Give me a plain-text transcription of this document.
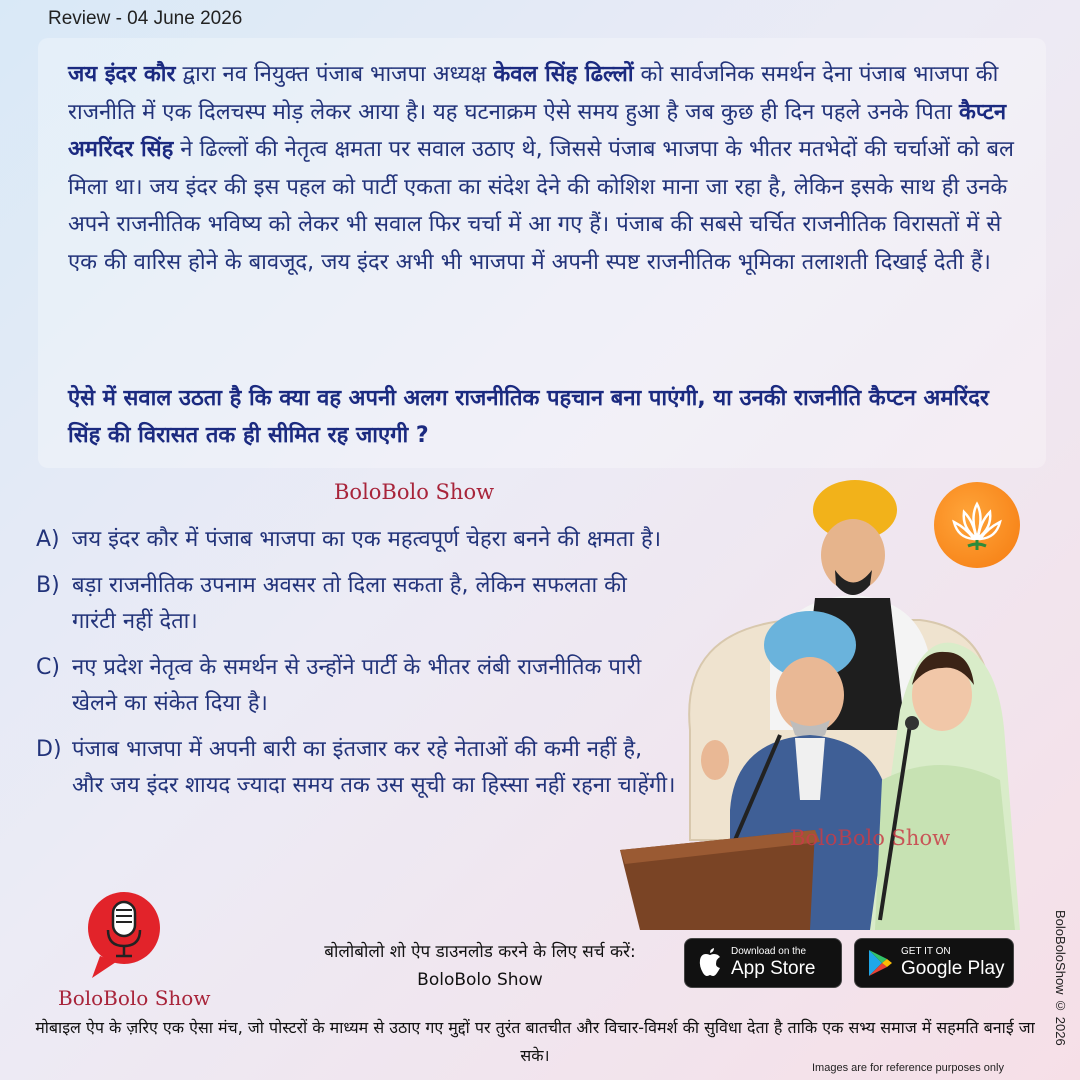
Review - 04 June 2026

जय इंदर कौर द्वारा नव नियुक्त पंजाब भाजपा अध्यक्ष केवल सिंह ढिल्लों को सार्वजनिक समर्थन देना पंजाब भाजपा की राजनीति में एक दिलचस्प मोड़ लेकर आया है। यह घटनाक्रम ऐसे समय हुआ है जब कुछ ही दिन पहले उनके पिता कैप्टन अमरिंदर सिंह ने ढिल्लों की नेतृत्व क्षमता पर सवाल उठाए थे, जिससे पंजाब भाजपा के भीतर मतभेदों की चर्चाओं को बल मिला था। जय इंदर की इस पहल को पार्टी एकता का संदेश देने की कोशिश माना जा रहा है, लेकिन इसके साथ ही उनके अपने राजनीतिक भविष्य को लेकर भी सवाल फिर चर्चा में आ गए हैं। पंजाब की सबसे चर्चित राजनीतिक विरासतों में से एक की वारिस होने के बावजूद, जय इंदर अभी भी भाजपा में अपनी स्पष्ट राजनीतिक भूमिका तलाशती दिखाई देती हैं।

ऐसे में सवाल उठता है कि क्या वह अपनी अलग राजनीतिक पहचान बना पाएंगी, या उनकी राजनीति कैप्टन अमरिंदर सिंह की विरासत तक ही सीमित रह जाएगी ?

BoloBolo Show
A) जय इंदर कौर में पंजाब भाजपा का एक महत्वपूर्ण चेहरा बनने की क्षमता है।
B) बड़ा राजनीतिक उपनाम अवसर तो दिला सकता है, लेकिन सफलता की गारंटी नहीं देता।
C) नए प्रदेश नेतृत्व के समर्थन से उन्होंने पार्टी के भीतर लंबी राजनीतिक पारी खेलने का संकेत दिया है।
D) पंजाब भाजपा में अपनी बारी का इंतजार कर रहे नेताओं की कमी नहीं है, और जय इंदर शायद ज्यादा समय तक उस सूची का हिस्सा नहीं रहना चाहेंगी।
BoloBolo Show
BoloBoloShow © 2026
BoloBolo Show
बोलोबोलो शो ऐप डाउनलोड करने के लिए सर्च करें:
BoloBolo Show
Download on the
App Store
GET IT ON
Google Play
मोबाइल ऐप के ज़रिए एक ऐसा मंच, जो पोस्टरों के माध्यम से उठाए गए मुद्दों पर तुरंत बातचीत और विचार-विमर्श की सुविधा देता है ताकि एक सभ्य समाज में सहमति बनाई जा सके।
Images are for reference purposes only
